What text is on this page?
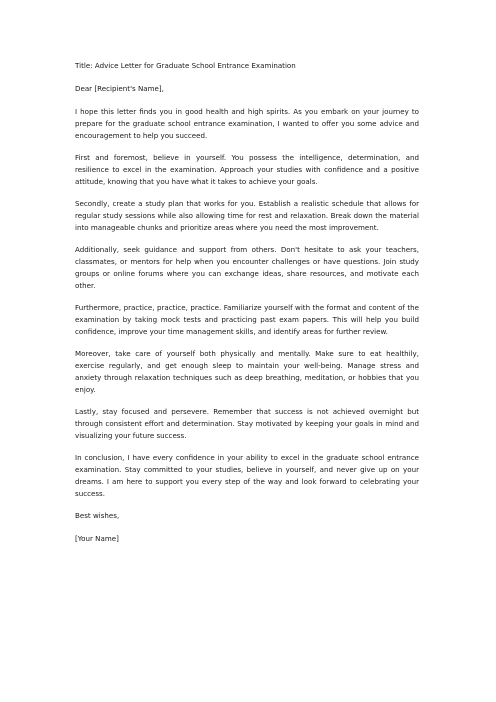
Title: Advice Letter for Graduate School Entrance Examination

Dear [Recipient's Name],

I hope this letter finds you in good health and high spirits. As you embark on your journey to prepare for the graduate school entrance examination, I wanted to offer you some advice and encouragement to help you succeed.

First and foremost, believe in yourself. You possess the intelligence, determination, and resilience to excel in the examination. Approach your studies with confidence and a positive attitude, knowing that you have what it takes to achieve your goals.

Secondly, create a study plan that works for you. Establish a realistic schedule that allows for regular study sessions while also allowing time for rest and relaxation. Break down the material into manageable chunks and prioritize areas where you need the most improvement.

Additionally, seek guidance and support from others. Don't hesitate to ask your teachers, classmates, or mentors for help when you encounter challenges or have questions. Join study groups or online forums where you can exchange ideas, share resources, and motivate each other.

Furthermore, practice, practice, practice. Familiarize yourself with the format and content of the examination by taking mock tests and practicing past exam papers. This will help you build confidence, improve your time management skills, and identify areas for further review.

Moreover, take care of yourself both physically and mentally. Make sure to eat healthily, exercise regularly, and get enough sleep to maintain your well-being. Manage stress and anxiety through relaxation techniques such as deep breathing, meditation, or hobbies that you enjoy.

Lastly, stay focused and persevere. Remember that success is not achieved overnight but through consistent effort and determination. Stay motivated by keeping your goals in mind and visualizing your future success.

In conclusion, I have every confidence in your ability to excel in the graduate school entrance examination. Stay committed to your studies, believe in yourself, and never give up on your dreams. I am here to support you every step of the way and look forward to celebrating your success.

Best wishes,

[Your Name]
